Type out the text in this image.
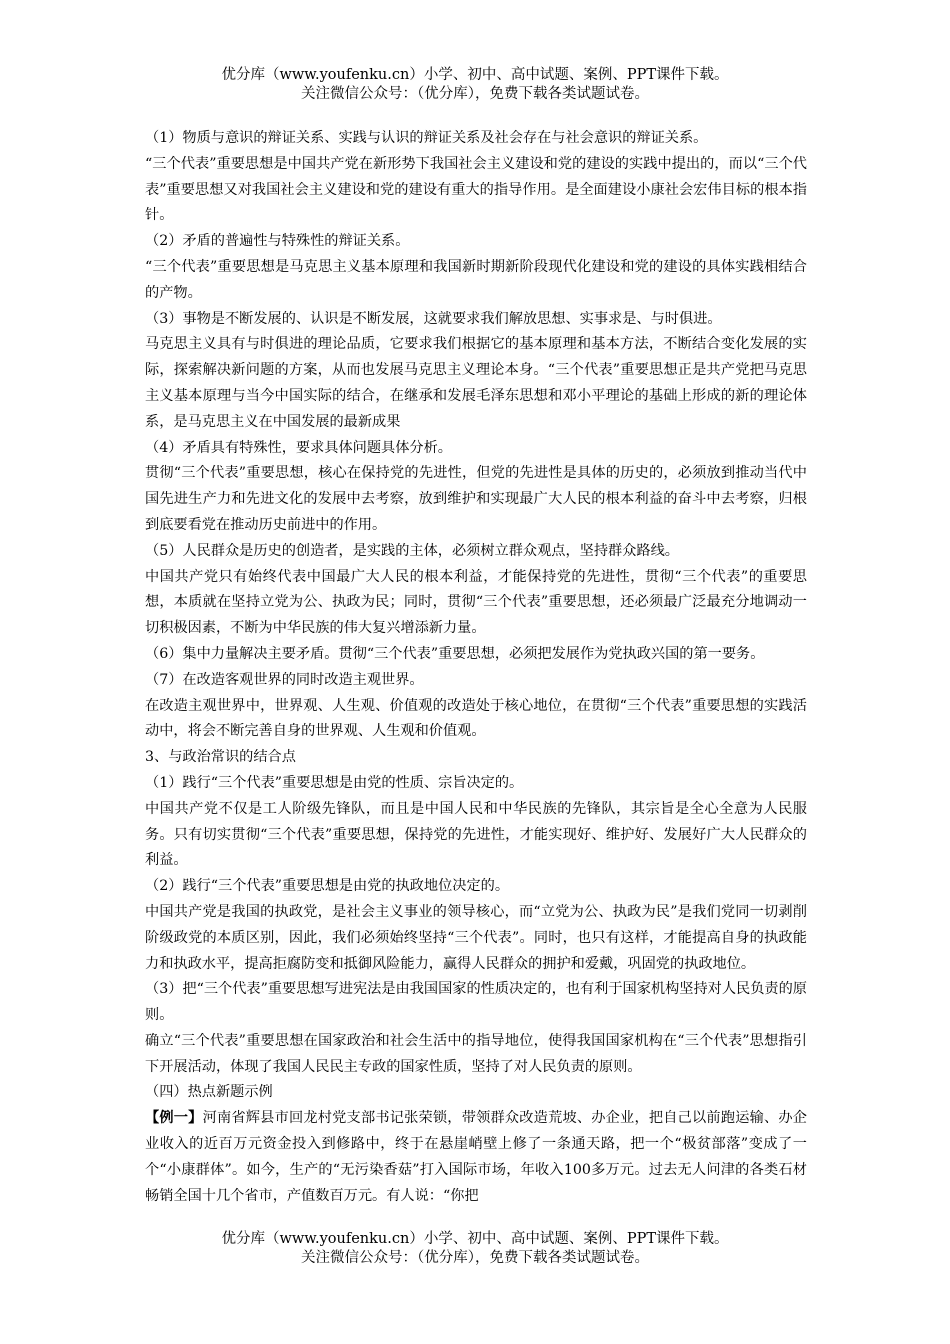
优分库（www.youfenku.cn）小学、初中、高中试题、案例、PPT课件下载。
关注微信公众号：（优分库），免费下载各类试题试卷。

（1）物质与意识的辩证关系、实践与认识的辩证关系及社会存在与社会意识的辩证关系。

“三个代表”重要思想是中国共产党在新形势下我国社会主义建设和党的建设的实践中提出的，而以“三个代表”重要思想又对我国社会主义建设和党的建设有重大的指导作用。是全面建设小康社会宏伟目标的根本指针。

（2）矛盾的普遍性与特殊性的辩证关系。

“三个代表”重要思想是马克思主义基本原理和我国新时期新阶段现代化建设和党的建设的具体实践相结合的产物。

（3）事物是不断发展的、认识是不断发展，这就要求我们解放思想、实事求是、与时俱进。

马克思主义具有与时俱进的理论品质，它要求我们根据它的基本原理和基本方法，不断结合变化发展的实际，探索解决新问题的方案，从而也发展马克思主义理论本身。“三个代表”重要思想正是共产党把马克思主义基本原理与当今中国实际的结合，在继承和发展毛泽东思想和邓小平理论的基础上形成的新的理论体系，是马克思主义在中国发展的最新成果

（4）矛盾具有特殊性，要求具体问题具体分析。

贯彻“三个代表”重要思想，核心在保持党的先进性，但党的先进性是具体的历史的，必须放到推动当代中国先进生产力和先进文化的发展中去考察，放到维护和实现最广大人民的根本利益的奋斗中去考察，归根到底要看党在推动历史前进中的作用。

（5）人民群众是历史的创造者，是实践的主体，必须树立群众观点，坚持群众路线。

中国共产党只有始终代表中国最广大人民的根本利益，才能保持党的先进性，贯彻“三个代表”的重要思想，本质就在坚持立党为公、执政为民；同时，贯彻“三个代表”重要思想，还必须最广泛最充分地调动一切积极因素，不断为中华民族的伟大复兴增添新力量。

（6）集中力量解决主要矛盾。贯彻“三个代表”重要思想，必须把发展作为党执政兴国的第一要务。

（7）在改造客观世界的同时改造主观世界。

在改造主观世界中，世界观、人生观、价值观的改造处于核心地位，在贯彻“三个代表”重要思想的实践活动中，将会不断完善自身的世界观、人生观和价值观。

3、与政治常识的结合点

（1）践行“三个代表”重要思想是由党的性质、宗旨决定的。

中国共产党不仅是工人阶级先锋队，而且是中国人民和中华民族的先锋队，其宗旨是全心全意为人民服务。只有切实贯彻“三个代表”重要思想，保持党的先进性，才能实现好、维护好、发展好广大人民群众的利益。

（2）践行“三个代表”重要思想是由党的执政地位决定的。

中国共产党是我国的执政党，是社会主义事业的领导核心，而“立党为公、执政为民”是我们党同一切剥削阶级政党的本质区别，因此，我们必须始终坚持“三个代表”。同时，也只有这样，才能提高自身的执政能力和执政水平，提高拒腐防变和抵御风险能力，赢得人民群众的拥护和爱戴，巩固党的执政地位。

（3）把“三个代表”重要思想写进宪法是由我国国家的性质决定的，也有利于国家机构坚持对人民负责的原则。

确立“三个代表”重要思想在国家政治和社会生活中的指导地位，使得我国国家机构在“三个代表”思想指引下开展活动，体现了我国人民民主专政的国家性质，坚持了对人民负责的原则。

（四）热点新题示例

【例一】河南省辉县市回龙村党支部书记张荣锁，带领群众改造荒坡、办企业，把自己以前跑运输、办企业收入的近百万元资金投入到修路中，终于在悬崖峭壁上修了一条通天路，把一个“极贫部落”变成了一个“小康群体”。如今，生产的“无污染香菇”打入国际市场，年收入100多万元。过去无人问津的各类石材畅销全国十几个省市，产值数百万元。有人说：“你把

优分库（www.youfenku.cn）小学、初中、高中试题、案例、PPT课件下载。
关注微信公众号：（优分库），免费下载各类试题试卷。
